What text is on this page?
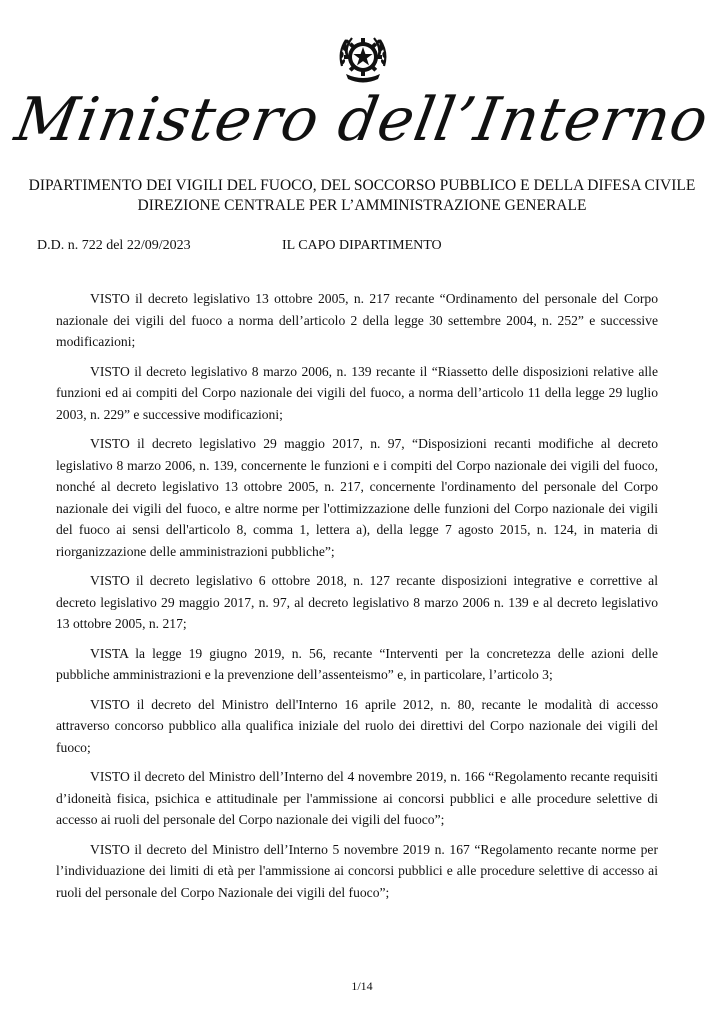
Ministero dell’Interno
DIPARTIMENTO DEI VIGILI DEL FUOCO, DEL SOCCORSO PUBBLICO E DELLA DIFESA CIVILE
DIREZIONE CENTRALE PER L’AMMINISTRAZIONE GENERALE
D.D. n. 722 del 22/09/2023	IL CAPO DIPARTIMENTO

VISTO il decreto legislativo 13 ottobre 2005, n. 217 recante “Ordinamento del personale del Corpo nazionale dei vigili del fuoco a norma dell’articolo 2 della legge 30 settembre 2004, n. 252” e successive modificazioni;

VISTO il decreto legislativo 8 marzo 2006, n. 139 recante il “Riassetto delle disposizioni relative alle funzioni ed ai compiti del Corpo nazionale dei vigili del fuoco, a norma dell’articolo 11 della legge 29 luglio 2003, n. 229” e successive modificazioni;

VISTO il decreto legislativo 29 maggio 2017, n. 97, “Disposizioni recanti modifiche al decreto legislativo 8 marzo 2006, n. 139, concernente le funzioni e i compiti del Corpo nazionale dei vigili del fuoco, nonché al decreto legislativo 13 ottobre 2005, n. 217, concernente l'ordinamento del personale del Corpo nazionale dei vigili del fuoco, e altre norme per l'ottimizzazione delle funzioni del Corpo nazionale dei vigili del fuoco ai sensi dell'articolo 8, comma 1, lettera a), della legge 7 agosto 2015, n. 124, in materia di riorganizzazione delle amministrazioni pubbliche”;

VISTO il decreto legislativo 6 ottobre 2018, n. 127 recante disposizioni integrative e correttive al decreto legislativo 29 maggio 2017, n. 97, al decreto legislativo 8 marzo 2006 n. 139 e al decreto legislativo 13 ottobre 2005, n. 217;

VISTA la legge 19 giugno 2019, n. 56, recante “Interventi per la concretezza delle azioni delle pubbliche amministrazioni e la prevenzione dell’assenteismo” e, in particolare, l’articolo 3;

VISTO il decreto del Ministro dell'Interno 16 aprile 2012, n. 80, recante le modalità di accesso attraverso concorso pubblico alla qualifica iniziale del ruolo dei direttivi del Corpo nazionale dei vigili del fuoco;

VISTO il decreto del Ministro dell’Interno del 4 novembre 2019, n. 166 “Regolamento recante requisiti d’idoneità fisica, psichica e attitudinale per l'ammissione ai concorsi pubblici e alle procedure selettive di accesso ai ruoli del personale del Corpo nazionale dei vigili del fuoco”;

VISTO il decreto del Ministro dell’Interno 5 novembre 2019 n. 167 “Regolamento recante norme per l’individuazione dei limiti di età per l'ammissione ai concorsi pubblici e alle procedure selettive di accesso ai ruoli del personale del Corpo Nazionale dei vigili del fuoco”;

1/14
